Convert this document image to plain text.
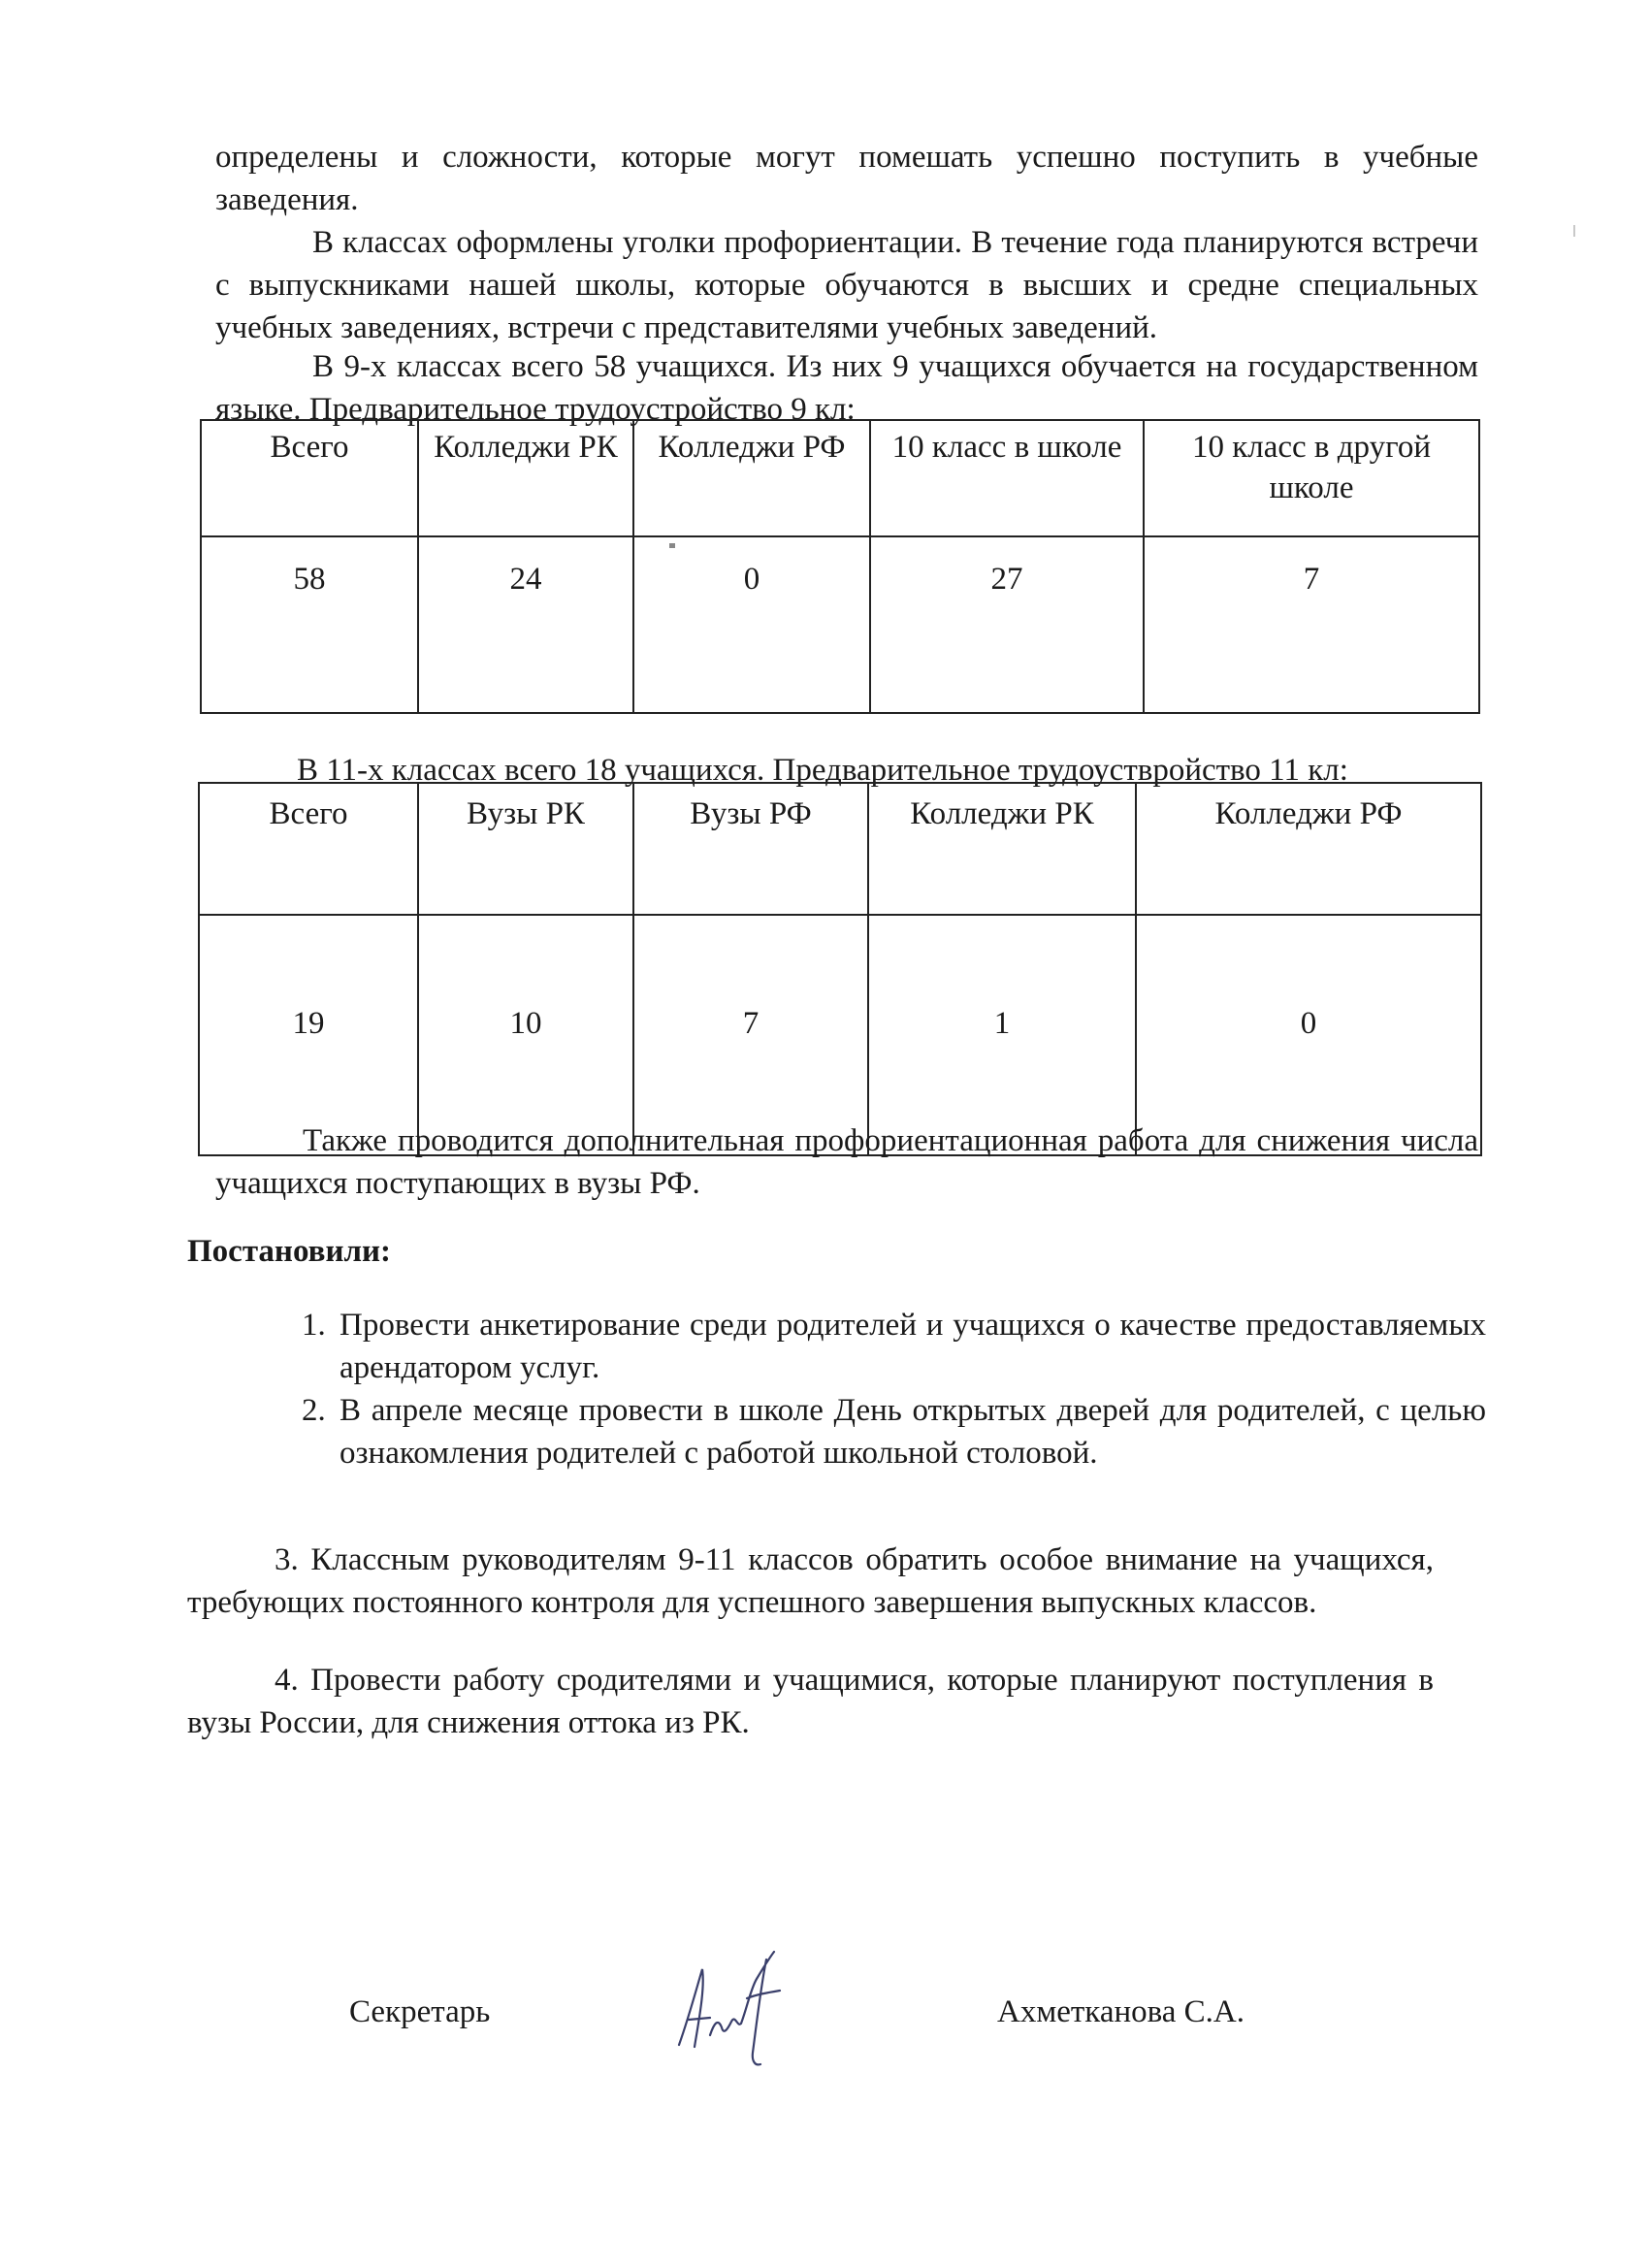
определены и сложности, которые могут помешать успешно поступить в учебные заведения.

В классах оформлены уголки профориентации. В течение года планируются встречи с выпускниками нашей школы, которые обучаются в высших и средне специальных учебных заведениях, встречи с представителями учебных заведений.

В 9-х классах всего 58 учащихся. Из них 9 учащихся обучается на государственном языке. Предварительное трудоустройство 9 кл:

Всего	Колледжи РК	Колледжи РФ	10 класс в школе	10 класс в другой школе
58	24	0	27	7

В 11-х классах всего 18 учащихся. Предварительное трудоуствройство 11 кл:

Всего	Вузы РК	Вузы РФ	Колледжи РК	Колледжи РФ
19	10	7	1	0

Также проводится дополнительная профориентационная работа для снижения числа учащихся поступающих в вузы РФ.

Постановили:

1. Провести анкетирование среди родителей и учащихся о качестве предоставляемых арендатором услуг.
2. В апреле месяце провести в школе День открытых дверей для родителей, с целью ознакомления родителей с работой школьной столовой.

3. Классным руководителям 9-11 классов обратить особое внимание на учащихся, требующих постоянного контроля для успешного завершения выпускных классов.

4. Провести работу сродителями и учащимися, которые планируют поступления в вузы России, для снижения оттока из РК.

Секретарь	Ахметканова С.А.
